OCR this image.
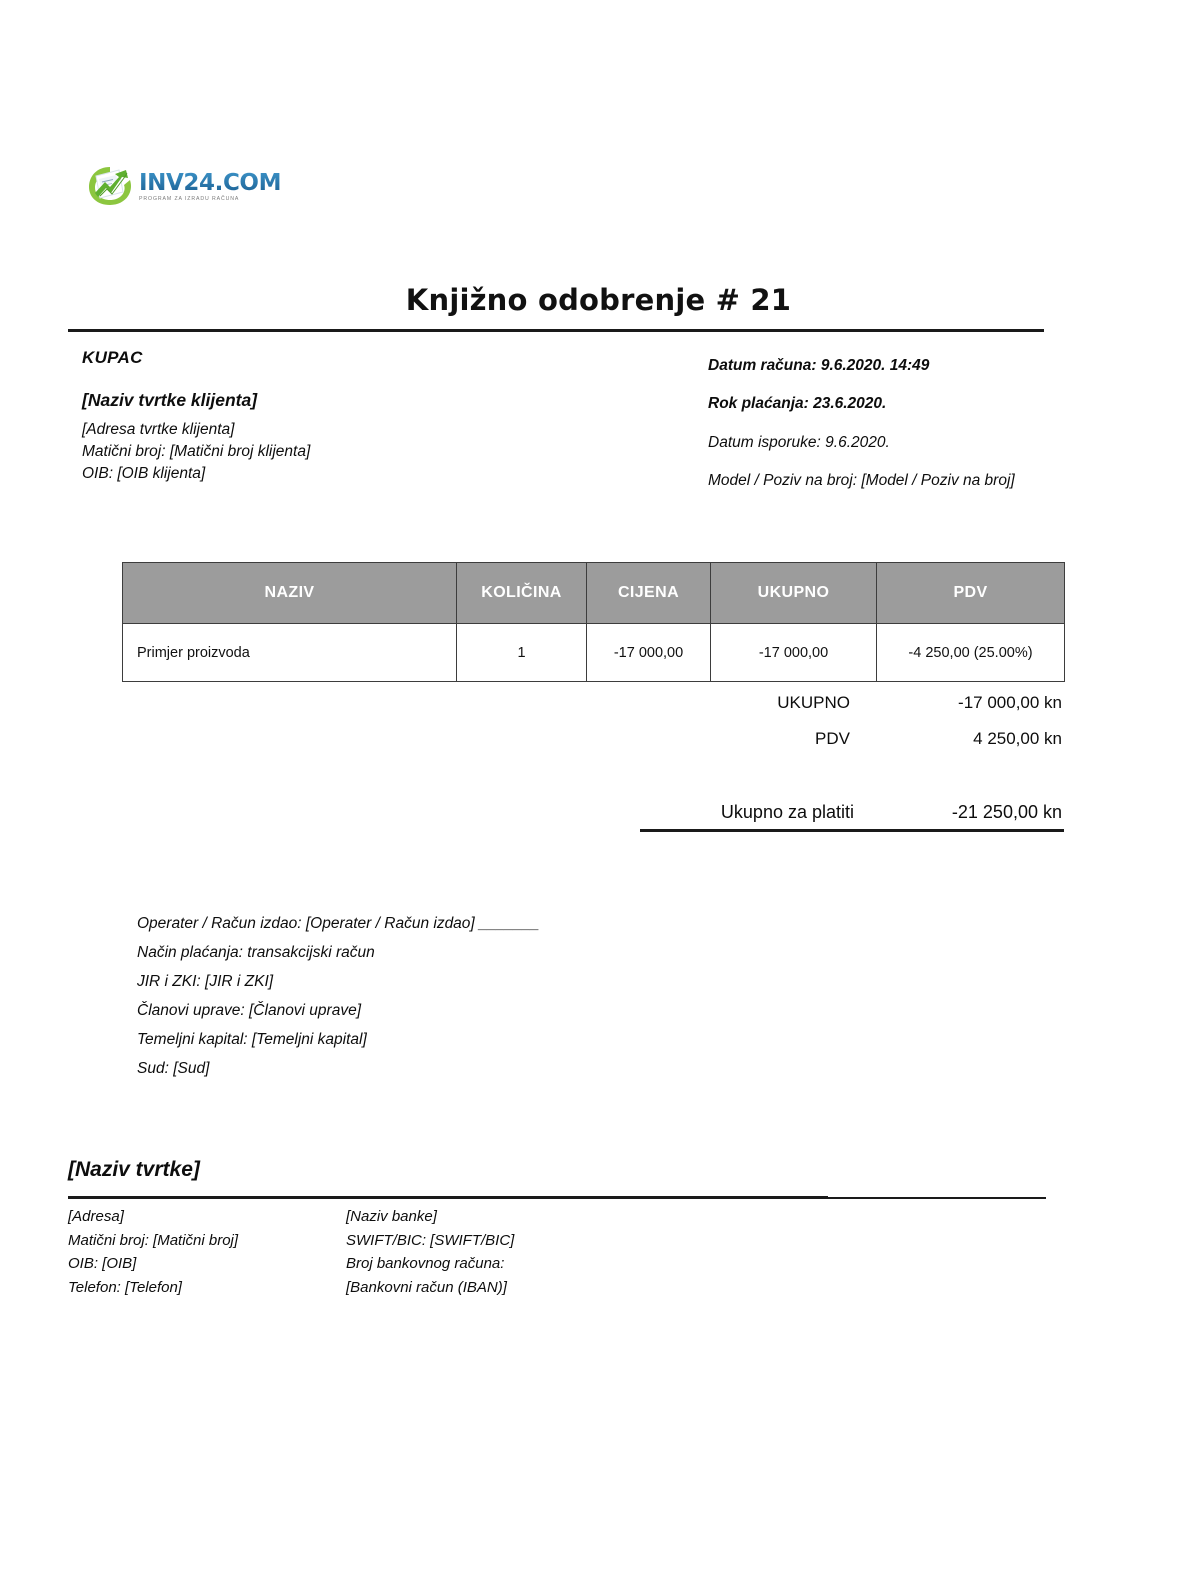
INV24.COM
PROGRAM ZA IZRADU RAČUNA
Knjižno odobrenje # 21
KUPAC
[Naziv tvrtke klijenta]
[Adresa tvrtke klijenta]
Matični broj: [Matični broj klijenta]
OIB: [OIB klijenta]
Datum računa: 9.6.2020. 14:49
Rok plaćanja: 23.6.2020.
Datum isporuke: 9.6.2020.
Model / Poziv na broj: [Model / Poziv na broj]
NAZIV	KOLIČINA	CIJENA	UKUPNO	PDV
Primjer proizvoda	1	-17 000,00	-17 000,00	-4 250,00 (25.00%)
UKUPNO	-17 000,00 kn
PDV	4 250,00 kn
Ukupno za platiti	-21 250,00 kn
Operater / Račun izdao: [Operater / Račun izdao] _______
Način plaćanja: transakcijski račun
JIR i ZKI: [JIR i ZKI]
Članovi uprave: [Članovi uprave]
Temeljni kapital: [Temeljni kapital]
Sud: [Sud]
[Naziv tvrtke]
[Adresa]
Matični broj: [Matični broj]
OIB: [OIB]
Telefon: [Telefon]
[Naziv banke]
SWIFT/BIC: [SWIFT/BIC]
Broj bankovnog računa:
[Bankovni račun (IBAN)]
